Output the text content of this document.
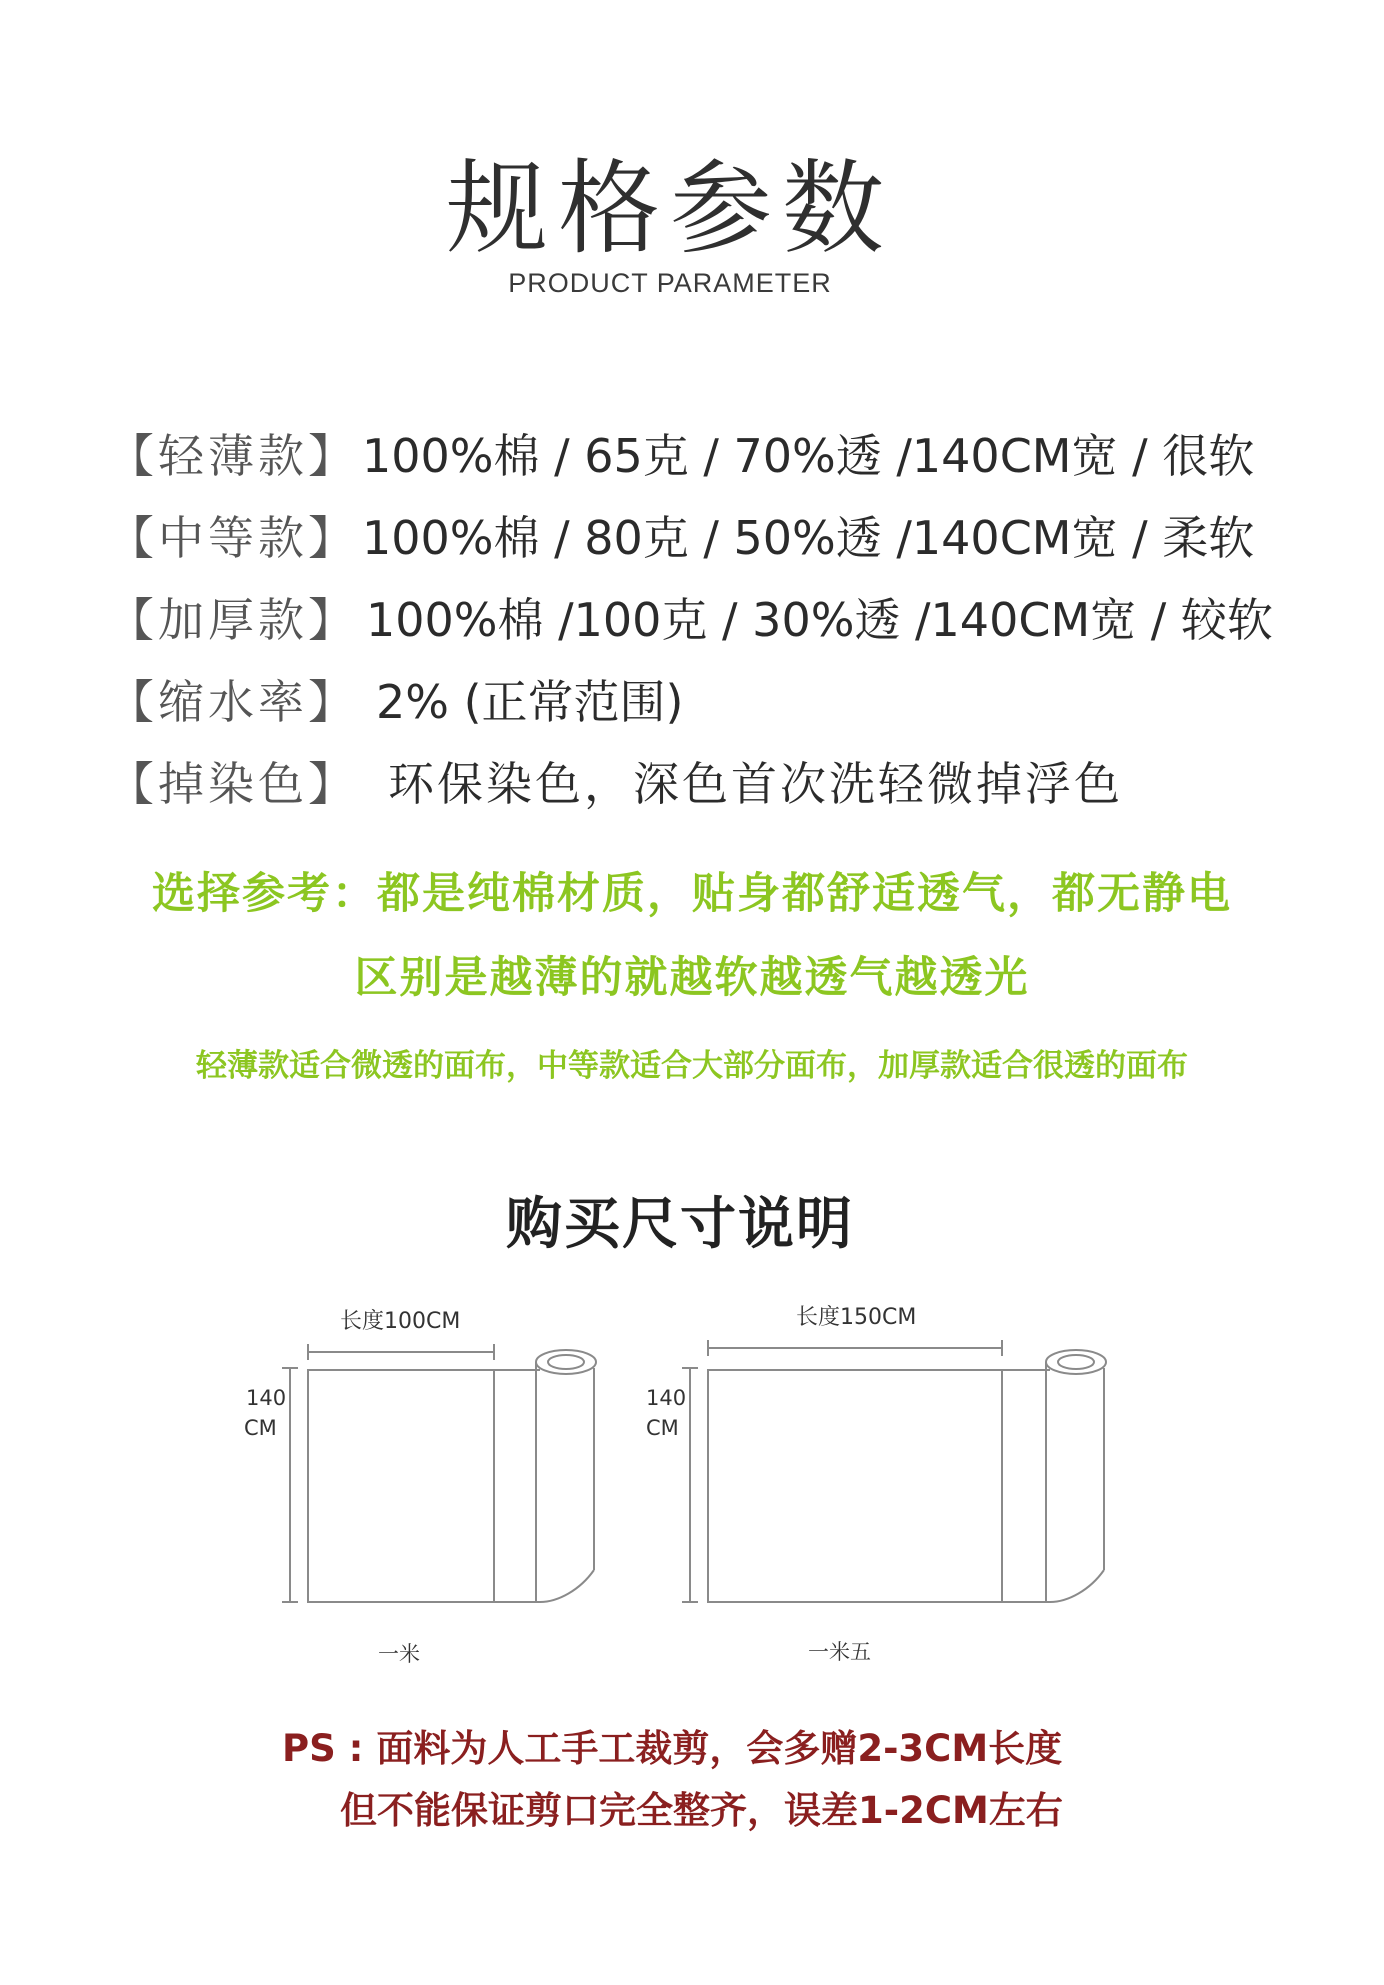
规格参数
PRODUCT PARAMETER
【轻薄款】 100%棉 / 65克 / 70%透 /140CM宽 / 很软
【中等款】 100%棉 / 80克 / 50%透 /140CM宽 / 柔软
【加厚款】 100%棉 /100克 / 30%透 /140CM宽 / 较软
【缩水率】 2% (正常范围)
【掉染色】 环保染色，深色首次洗轻微掉浮色
选择参考：都是纯棉材质，贴身都舒适透气，都无静电
区别是越薄的就越软越透气越透光
轻薄款适合微透的面布，中等款适合大部分面布，加厚款适合很透的面布
购买尺寸说明
长度100CM
140
CM
一米
长度150CM
140
CM
一米五
PS : 面料为人工手工裁剪，会多赠2-3CM长度
但不能保证剪口完全整齐，误差1-2CM左右
